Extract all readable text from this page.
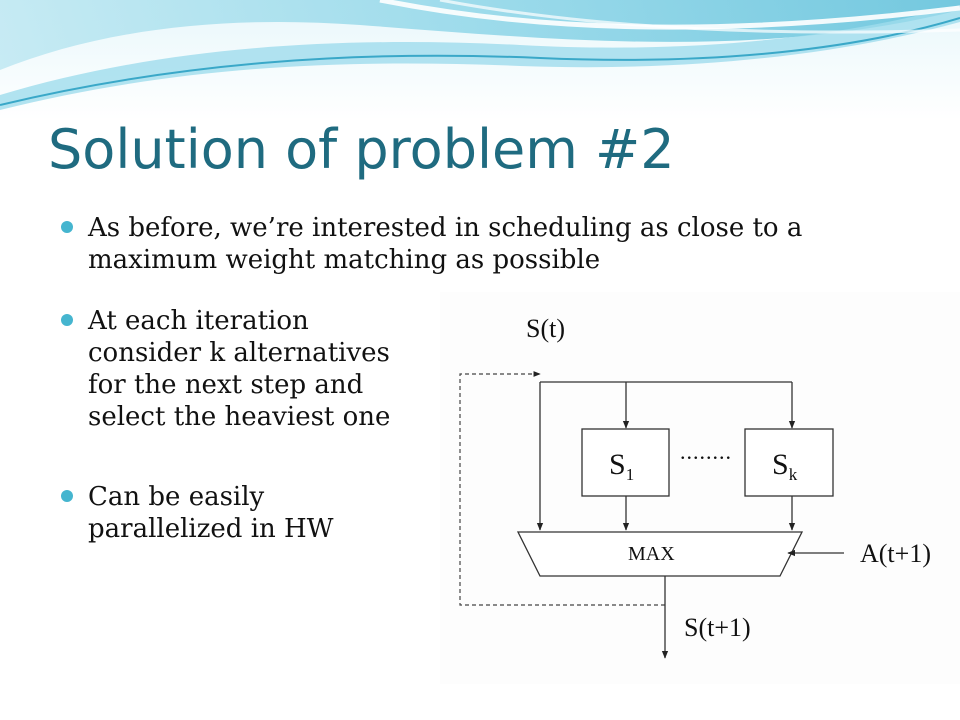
Solution of problem #2
As before, we’re interested in scheduling as close to a
maximum weight matching as possible
At each iteration
consider k alternatives
for the next step and
select the heaviest one
Can be easily
parallelized in HW
S(t)
$S_1$
........ $S_k$
MAX	A(t+1)
S(t+1)
